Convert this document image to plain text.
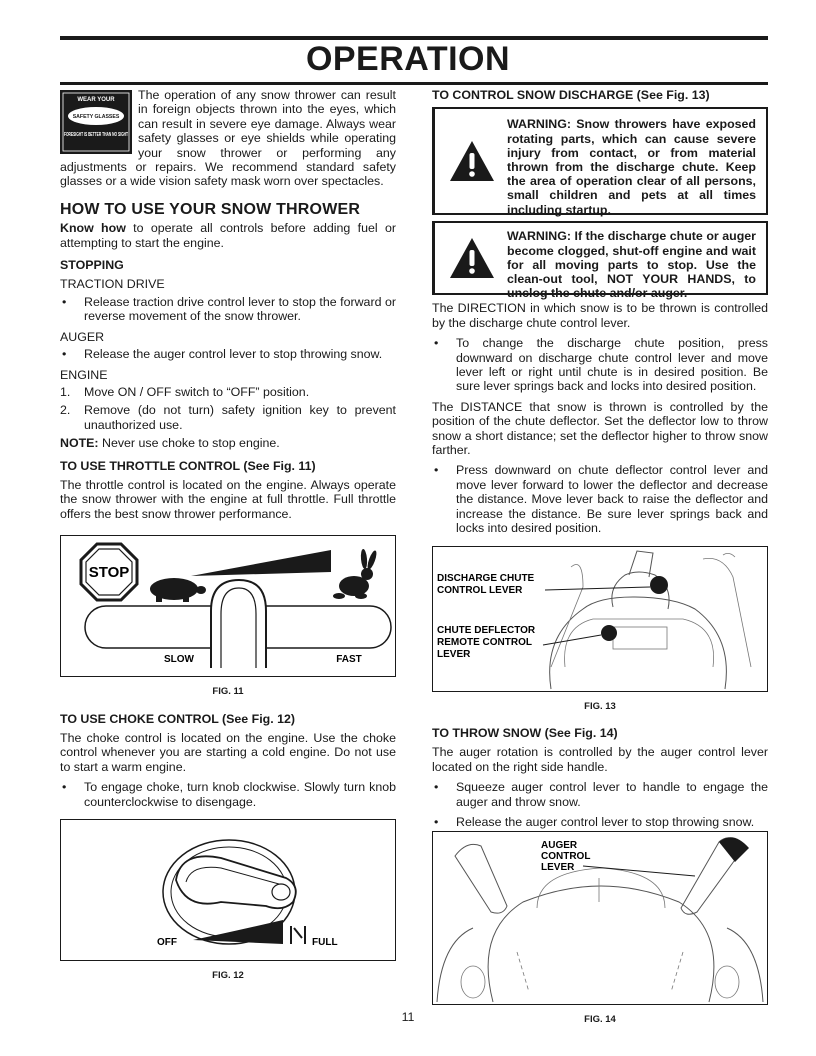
OPERATION
WEAR YOUR
SAFETY GLASSES
FORESIGHT IS BETTER THAN NO SIGHT

The operation of any snow thrower can result in foreign objects thrown into the eyes, which can result in severe eye damage. Always wear safety glasses or eye shields while operating your snow thrower or performing any adjustments or repairs. We recommend standard safety glasses or a wide vision safety mask worn over spectacles.

HOW TO USE YOUR SNOW THROWER

Know how to operate all controls before adding fuel or attempting to start the engine.

STOPPING
TRACTION DRIVE
• Release traction drive control lever to stop the forward or reverse movement of the snow thrower.
AUGER
• Release the auger control lever to stop throwing snow.
ENGINE
1. Move ON / OFF switch to “OFF” position.
2. Remove (do not turn) safety ignition key to prevent unauthorized use.

NOTE: Never use choke to stop engine.

TO USE THROTTLE CONTROL (See Fig. 11)

The throttle control is located on the engine. Always operate the snow thrower with the engine at full throttle. Full throttle offers the best snow thrower performance.

STOP
SLOW	FAST
FIG. 11
TO USE CHOKE CONTROL (See Fig. 12)

The choke control is located on the engine. Use the choke control whenever you are starting a cold engine. Do not use to start a warm engine.

• To engage choke, turn knob clockwise. Slowly turn knob counterclockwise to disengage.
OFF	FULL
FIG. 12
TO CONTROL SNOW DISCHARGE (See Fig. 13)
WARNING: Snow throwers have exposed rotating parts, which can cause severe injury from contact, or from material thrown from the discharge chute. Keep the area of operation clear of all persons, small children and pets at all times including startup.
WARNING: If the discharge chute or auger become clogged, shut-off engine and wait for all moving parts to stop. Use the clean-out tool, NOT YOUR HANDS, to unclog the chute and/or auger.

The DIRECTION in which snow is to be thrown is controlled by the discharge chute control lever.

• To change the discharge chute position, press downward on discharge chute control lever and move lever left or right until chute is in desired position. Be sure lever springs back and locks into desired position.

The DISTANCE that snow is thrown is controlled by the position of the chute deflector. Set the deflector low to throw snow a short distance; set the deflector higher to throw snow farther.

• Press downward on chute deflector control lever and move lever forward to lower the deflector and decrease the distance. Move lever back to raise the deflector and increase the distance. Be sure lever springs back and locks into desired position.
DISCHARGE CHUTE
CONTROL LEVER
CHUTE DEFLECTOR
REMOTE CONTROL
LEVER
FIG. 13
TO THROW SNOW (See Fig. 14)

The auger rotation is controlled by the auger control lever located on the right side handle.

• Squeeze auger control lever to handle to engage the auger and throw snow.
• Release the auger control lever to stop throwing snow.
AUGER
CONTROL
LEVER
FIG. 14
11
